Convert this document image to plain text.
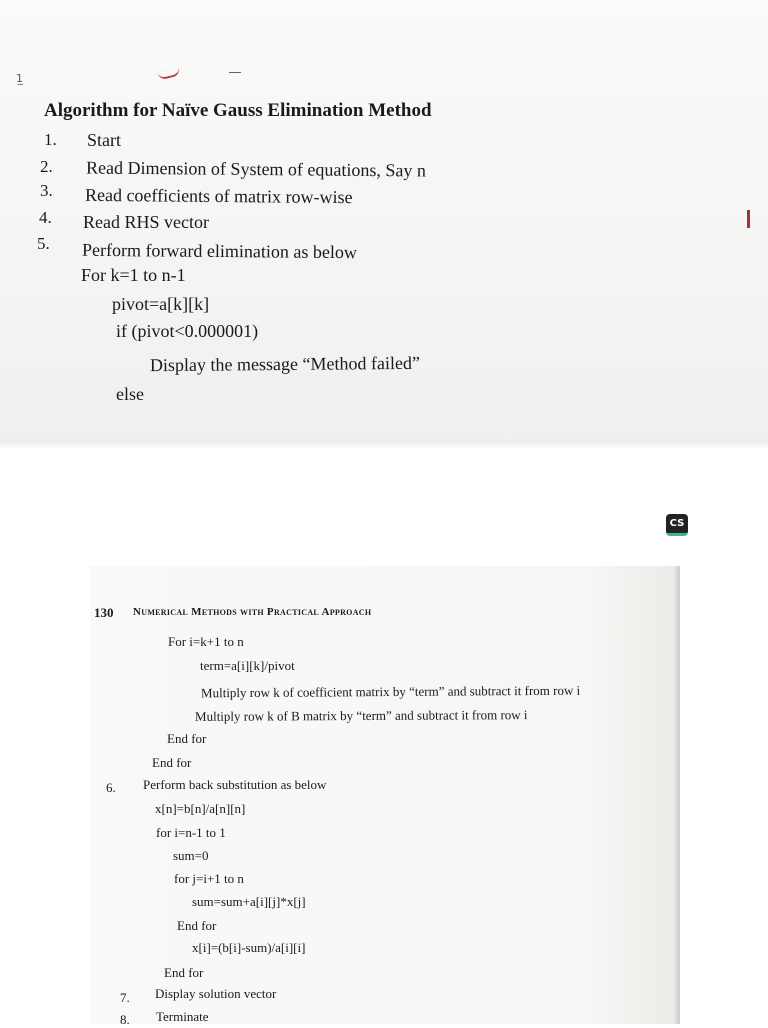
1̲
Algorithm for Naïve Gauss Elimination Method
1. Start
2. Read Dimension of System of equations, Say n
3. Read coefficients of matrix row-wise
4. Read RHS vector
5. Perform forward elimination as below
For k=1 to n-1
pivot=a[k][k]
if (pivot<0.000001)
Display the message “Method failed”
else
CS
130 Numerical Methods with Practical Approach
For i=k+1 to n
term=a[i][k]/pivot
Multiply row k of coefficient matrix by “term” and subtract it from row i
Multiply row k of B matrix by “term” and subtract it from row i
End for
End for
6. Perform back substitution as below
x[n]=b[n]/a[n][n]
for i=n-1 to 1
sum=0
for j=i+1 to n
sum=sum+a[i][j]*x[j]
End for
x[i]=(b[i]-sum)/a[i][i]
End for
7. Display solution vector
8. Terminate
